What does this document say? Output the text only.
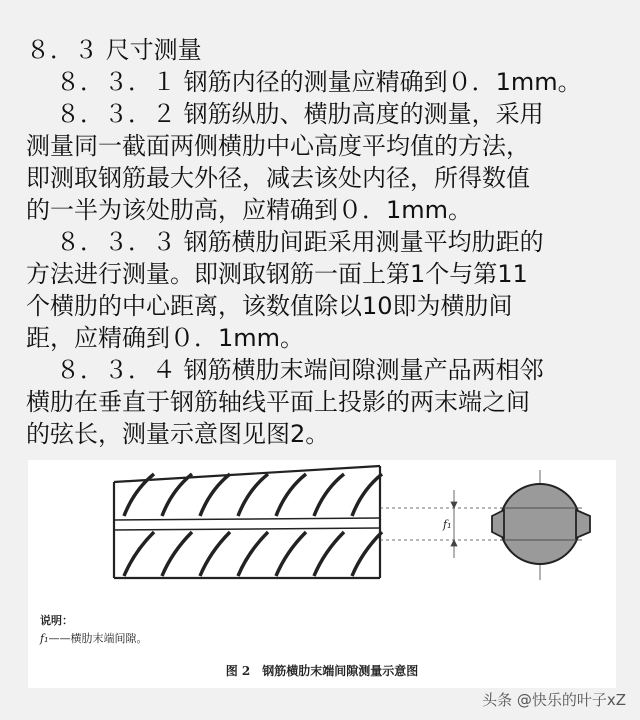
８．３ 尺寸测量
８．３．１ 钢筋内径的测量应精确到０．1mm。
８．３．２ 钢筋纵肋、横肋高度的测量，采用
测量同一截面两侧横肋中心高度平均值的方法，
即测取钢筋最大外径，减去该处内径，所得数值
的一半为该处肋高，应精确到０．1mm。
８．３．３ 钢筋横肋间距采用测量平均肋距的
方法进行测量。即测取钢筋一面上第1个与第11
个横肋的中心距离，该数值除以10即为横肋间
距，应精确到０．1mm。
８．３．４ 钢筋横肋末端间隙测量产品两相邻
横肋在垂直于钢筋轴线平面上投影的两末端之间
的弦长，测量示意图见图2。
f₁
说明：
f₁——横肋末端间隙。
图 2　钢筋横肋末端间隙测量示意图
头条 @快乐的叶子xZ
